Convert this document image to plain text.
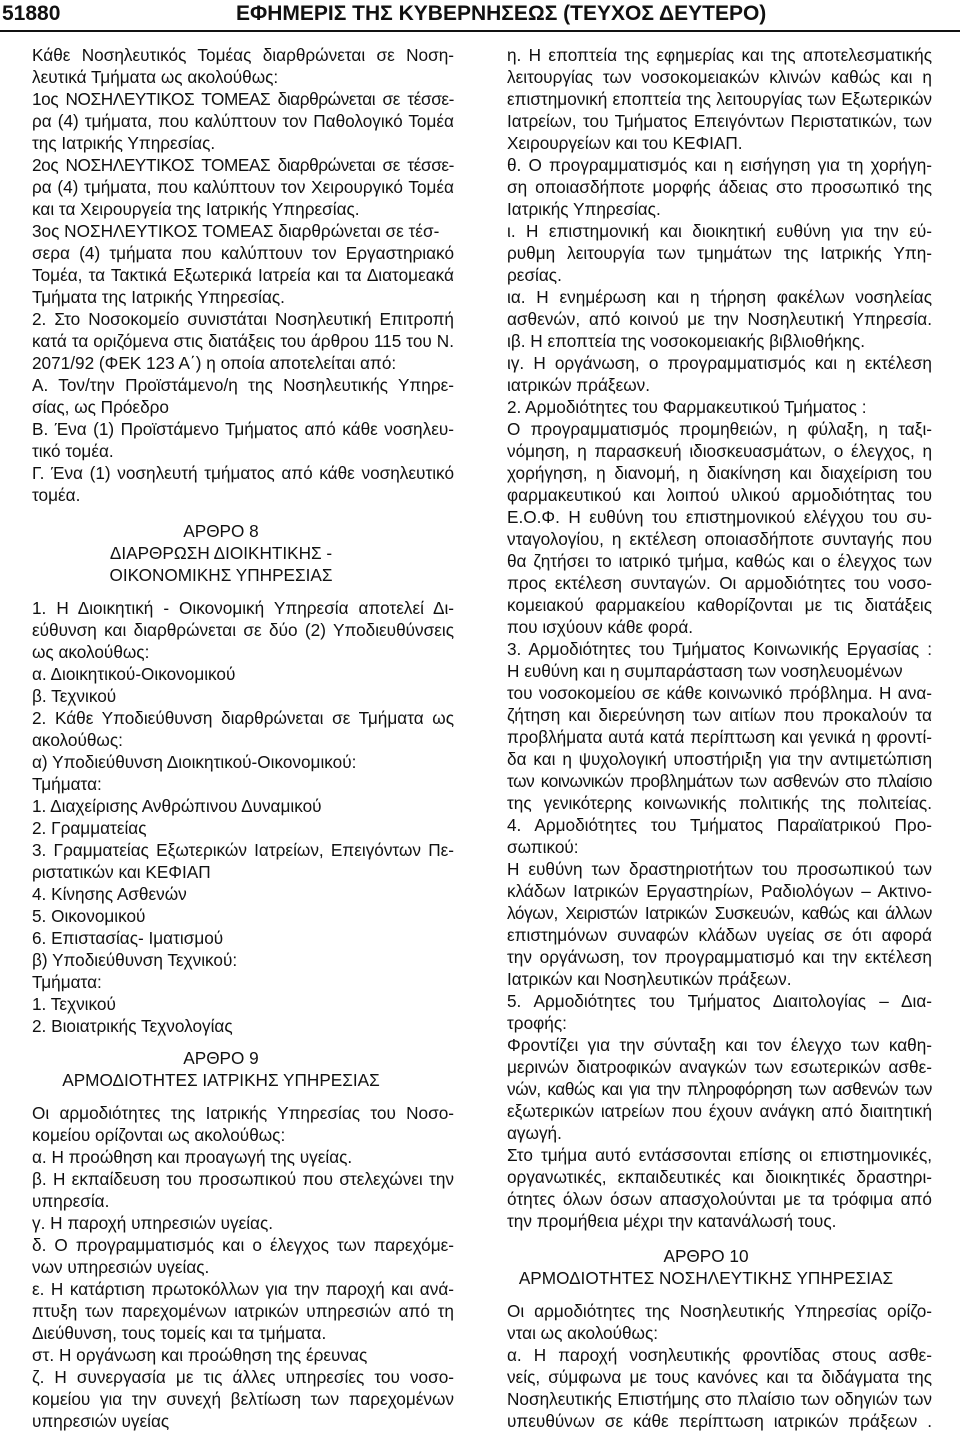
51880	ΕΦΗΜΕΡΙΣ ΤΗΣ ΚΥΒΕΡΝΗΣΕΩΣ (ΤΕΥΧΟΣ ΔΕΥΤΕΡΟ)
Κάθε Νοσηλευτικός Τομέας διαρθρώνεται σε Νοση‐
λευτικά Τμήματα ως ακολούθως:
1ος ΝΟΣΗΛΕΥΤΙΚΟΣ ΤΟΜΕΑΣ διαρθρώνεται σε τέσσε‐
ρα (4) τμήματα, που καλύπτουν τον Παθολογικό Τομέα
της Ιατρικής Υπηρεσίας.
2ος ΝΟΣΗΛΕΥΤΙΚΟΣ ΤΟΜΕΑΣ διαρθρώνεται σε τέσσε‐
ρα (4) τμήματα, που καλύπτουν τον Χειρουργικό Τομέα
και τα Χειρουργεία της Ιατρικής Υπηρεσίας.
3ος ΝΟΣΗΛΕΥΤΙΚΟΣ ΤΟΜΕΑΣ διαρθρώνεται σε τέσ‐
σερα (4) τμήματα που καλύπτουν τον Εργαστηριακό
Τομέα, τα Τακτικά Εξωτερικά Ιατρεία και τα Διατομεακά
Τμήματα της Ιατρικής Υπηρεσίας.
2. Στο Νοσοκομείο συνιστάται Νοσηλευτική Επιτροπή
κατά τα οριζόμενα στις διατάξεις του άρθρου 115 του Ν.
2071/92 (ΦΕΚ 123 Α΄) η οποία αποτελείται από:
Α. Τον/την Προϊστάμενο/η της Νοσηλευτικής Υπηρε‐
σίας, ως Πρόεδρο
Β. Ένα (1) Προϊστάμενο Τμήματος από κάθε νοσηλευ‐
τικό τομέα.
Γ. Ένα (1) νοσηλευτή τμήματος από κάθε νοσηλευτικό
τομέα.
ΑΡΘΡΟ 8
ΔΙΑΡΘΡΩΣΗ ΔΙΟΙΚΗΤΙΚΗΣ ‐
ΟΙΚΟΝΟΜΙΚΗΣ ΥΠΗΡΕΣΙΑΣ
1. Η Διοικητική ‐ Οικονομική Υπηρεσία αποτελεί Δι‐
εύθυνση και διαρθρώνεται σε δύο (2) Υποδιευθύνσεις
ως ακολούθως:
α. Διοικητικού‐Οικονομικού
β. Τεχνικού
2. Κάθε Υποδιεύθυνση διαρθρώνεται σε Τμήματα ως
ακολούθως:
α) Υποδιεύθυνση Διοικητικού‐Οικονομικού:
Τμήματα:
1. Διαχείρισης Ανθρώπινου Δυναμικού
2. Γραμματείας
3. Γραμματείας Εξωτερικών Ιατρείων, Επειγόντων Πε‐
ριστατικών και ΚΕΦΙΑΠ
4. Κίνησης Ασθενών
5. Οικονομικού
6. Επιστασίας‐ Ιματισμού
β) Υποδιεύθυνση Τεχνικού:
Τμήματα:
1. Τεχνικού
2. Βιοιατρικής Τεχνολογίας
ΑΡΘΡΟ 9
ΑΡΜΟΔΙΟΤΗΤΕΣ ΙΑΤΡΙΚΗΣ ΥΠΗΡΕΣΙΑΣ
Οι αρμοδιότητες της Ιατρικής Υπηρεσίας του Νοσο‐
κομείου ορίζονται ως ακολούθως:
α. Η προώθηση και προαγωγή της υγείας.
β. Η εκπαίδευση του προσωπικού που στελεχώνει την
υπηρεσία.
γ. Η παροχή υπηρεσιών υγείας.
δ. Ο προγραμματισμός και ο έλεγχος των παρεχόμε‐
νων υπηρεσιών υγείας.
ε. Η κατάρτιση πρωτοκόλλων για την παροχή και ανά‐
πτυξη των παρεχομένων ιατρικών υπηρεσιών από τη
Διεύθυνση, τους τομείς και τα τμήματα.
στ. Η οργάνωση και προώθηση της έρευνας
ζ. Η συνεργασία με τις άλλες υπηρεσίες του νοσο‐
κομείου για την συνεχή βελτίωση των παρεχομένων
υπηρεσιών υγείας
η. Η εποπτεία της εφημερίας και της αποτελεσματικής
λειτουργίας των νοσοκομειακών κλινών καθώς και η
επιστημονική εποπτεία της λειτουργίας των Εξωτερικών
Ιατρείων, του Τμήματος Επειγόντων Περιστατικών, των
Χειρουργείων και του ΚΕΦΙΑΠ.
θ. Ο προγραμματισμός και η εισήγηση για τη χορήγη‐
ση οποιασδήποτε μορφής άδειας στο προσωπικό της
Ιατρικής Υπηρεσίας.
ι. Η επιστημονική και διοικητική ευθύνη για την εύ‐
ρυθμη λειτουργία των τμημάτων της Ιατρικής Υπη‐
ρεσίας.
ια. Η ενημέρωση και η τήρηση φακέλων νοσηλείας
ασθενών, από κοινού με την Νοσηλευτική Υπηρεσία.
ιβ. Η εποπτεία της νοσοκομειακής βιβλιοθήκης.
ιγ. Η οργάνωση, ο προγραμματισμός και η εκτέλεση
ιατρικών πράξεων.
2. Αρμοδιότητες του Φαρμακευτικού Τμήματος :
Ο προγραμματισμός προμηθειών, η φύλαξη, η ταξι‐
νόμηση, η παρασκευή ιδιοσκευασμάτων, ο έλεγχος, η
χορήγηση, η διανομή, η διακίνηση και διαχείριση του
φαρμακευτικού και λοιπού υλικού αρμοδιότητας του
Ε.Ο.Φ. Η ευθύνη του επιστημονικού ελέγχου του συ‐
νταγολογίου, η εκτέλεση οποιασδήποτε συνταγής που
θα ζητήσει το ιατρικό τμήμα, καθώς και ο έλεγχος των
προς εκτέλεση συνταγών. Οι αρμοδιότητες του νοσο‐
κομειακού φαρμακείου καθορίζονται με τις διατάξεις
που ισχύουν κάθε φορά.
3. Αρμοδιότητες του Τμήματος Κοινωνικής Εργασίας :
Η ευθύνη και η συμπαράσταση των νοσηλευομένων
του νοσοκομείου σε κάθε κοινωνικό πρόβλημα. Η ανα‐
ζήτηση και διερεύνηση των αιτίων που προκαλούν τα
προβλήματα αυτά κατά περίπτωση και γενικά η φροντί‐
δα και η ψυχολογική υποστήριξη για την αντιμετώπιση
των κοινωνικών προβλημάτων των ασθενών στο πλαίσιο
της γενικότερης κοινωνικής πολιτικής της πολιτείας.
4. Αρμοδιότητες του Τμήματος Παραϊατρικού Προ‐
σωπικού:
Η ευθύνη των δραστηριοτήτων του προσωπικού των
κλάδων Ιατρικών Εργαστηρίων, Ραδιολόγων – Ακτινο‐
λόγων, Χειριστών Ιατρικών Συσκευών, καθώς και άλλων
επιστημόνων συναφών κλάδων υγείας σε ότι αφορά
την οργάνωση, τον προγραμματισμό και την εκτέλεση
Ιατρικών και Νοσηλευτικών πράξεων.
5. Αρμοδιότητες του Τμήματος Διαιτολογίας – Δια‐
τροφής:
Φροντίζει για την σύνταξη και τον έλεγχο των καθη‐
μερινών διατροφικών αναγκών των εσωτερικών ασθε‐
νών, καθώς και για την πληροφόρηση των ασθενών των
εξωτερικών ιατρείων που έχουν ανάγκη από διαιτητική
αγωγή.
Στο τμήμα αυτό εντάσσονται επίσης οι επιστημονικές,
οργανωτικές, εκπαιδευτικές και διοικητικές δραστηρι‐
ότητες όλων όσων απασχολούνται με τα τρόφιμα από
την προμήθεια μέχρι την κατανάλωσή τους.
ΑΡΘΡΟ 10
ΑΡΜΟΔΙΟΤΗΤΕΣ ΝΟΣΗΛΕΥΤΙΚΗΣ ΥΠΗΡΕΣΙΑΣ
Οι αρμοδιότητες της Νοσηλευτικής Υπηρεσίας ορίζο‐
νται ως ακολούθως:
α. Η παροχή νοσηλευτικής φροντίδας στους ασθε‐
νείς, σύμφωνα με τους κανόνες και τα διδάγματα της
Νοσηλευτικής Επιστήμης στο πλαίσιο των οδηγιών των
υπευθύνων σε κάθε περίπτωση ιατρικών πράξεων .
